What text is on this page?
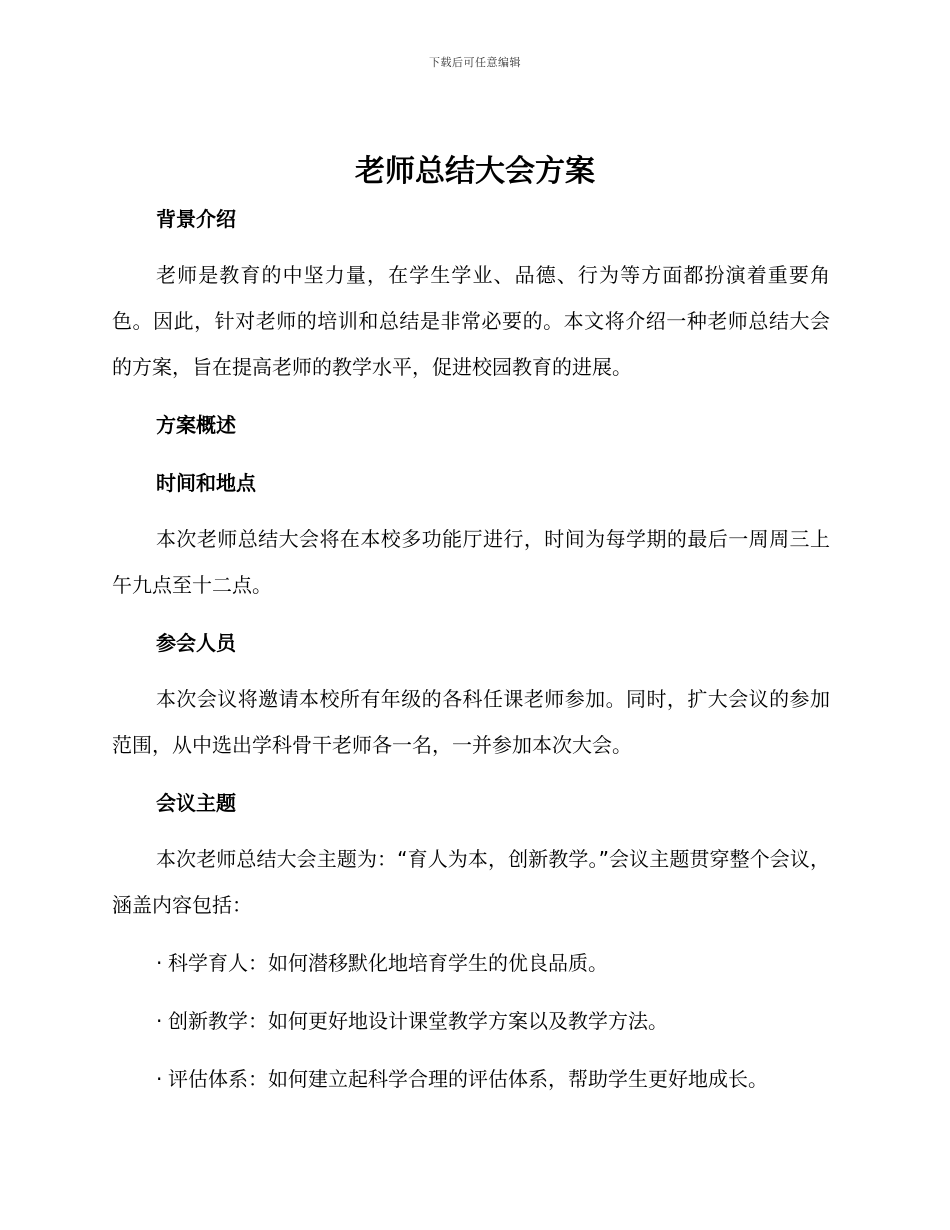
下载后可任意编辑
老师总结大会方案
背景介绍

老师是教育的中坚力量，在学生学业、品德、行为等方面都扮演着重要角色。因此，针对老师的培训和总结是非常必要的。本文将介绍一种老师总结大会的方案，旨在提高老师的教学水平，促进校园教育的进展。

方案概述
时间和地点

本次老师总结大会将在本校多功能厅进行，时间为每学期的最后一周周三上午九点至十二点。

参会人员

本次会议将邀请本校所有年级的各科任课老师参加。同时，扩大会议的参加范围，从中选出学科骨干老师各一名，一并参加本次大会。

会议主题

本次老师总结大会主题为：“育人为本，创新教学。”会议主题贯穿整个会议，涵盖内容包括：

· 科学育人：如何潜移默化地培育学生的优良品质。
· 创新教学：如何更好地设计课堂教学方案以及教学方法。
· 评估体系：如何建立起科学合理的评估体系，帮助学生更好地成长。
